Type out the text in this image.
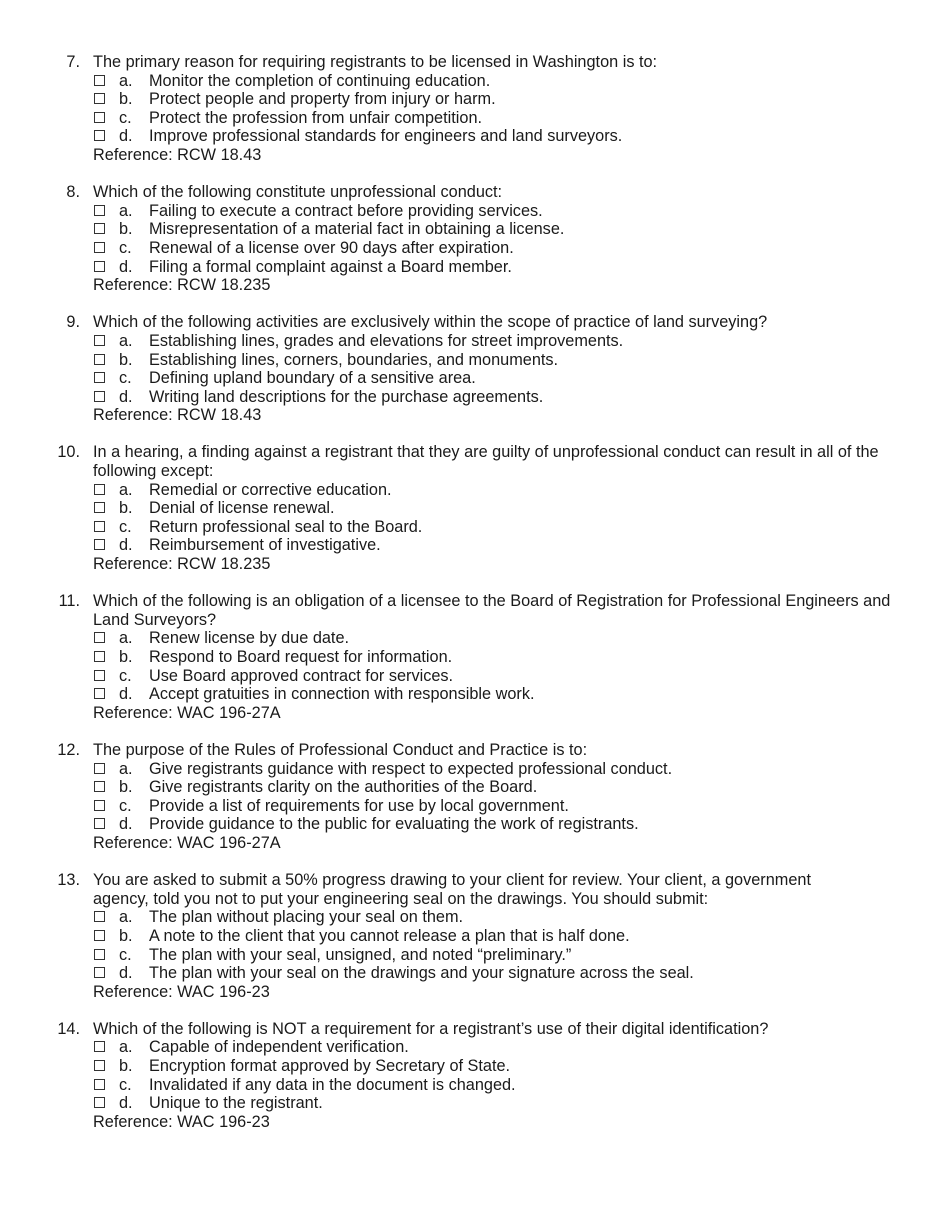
7. The primary reason for requiring registrants to be licensed in Washington is to:
a. Monitor the completion of continuing education.
b. Protect people and property from injury or harm.
c. Protect the profession from unfair competition.
d. Improve professional standards for engineers and land surveyors.
Reference: RCW 18.43
8. Which of the following constitute unprofessional conduct:
a. Failing to execute a contract before providing services.
b. Misrepresentation of a material fact in obtaining a license.
c. Renewal of a license over 90 days after expiration.
d. Filing a formal complaint against a Board member.
Reference: RCW 18.235
9. Which of the following activities are exclusively within the scope of practice of land surveying?
a. Establishing lines, grades and elevations for street improvements.
b. Establishing lines, corners, boundaries, and monuments.
c. Defining upland boundary of a sensitive area.
d. Writing land descriptions for the purchase agreements.
Reference: RCW 18.43
10. In a hearing, a finding against a registrant that they are guilty of unprofessional conduct can result in all of the following except:
a. Remedial or corrective education.
b. Denial of license renewal.
c. Return professional seal to the Board.
d. Reimbursement of investigative.
Reference: RCW 18.235
11. Which of the following is an obligation of a licensee to the Board of Registration for Professional Engineers and Land Surveyors?
a. Renew license by due date.
b. Respond to Board request for information.
c. Use Board approved contract for services.
d. Accept gratuities in connection with responsible work.
Reference: WAC 196-27A
12. The purpose of the Rules of Professional Conduct and Practice is to:
a. Give registrants guidance with respect to expected professional conduct.
b. Give registrants clarity on the authorities of the Board.
c. Provide a list of requirements for use by local government.
d. Provide guidance to the public for evaluating the work of registrants.
Reference: WAC 196-27A
13. You are asked to submit a 50% progress drawing to your client for review. Your client, a government agency, told you not to put your engineering seal on the drawings. You should submit:
a. The plan without placing your seal on them.
b. A note to the client that you cannot release a plan that is half done.
c. The plan with your seal, unsigned, and noted “preliminary.”
d. The plan with your seal on the drawings and your signature across the seal.
Reference: WAC 196-23
14. Which of the following is NOT a requirement for a registrant’s use of their digital identification?
a. Capable of independent verification.
b. Encryption format approved by Secretary of State.
c. Invalidated if any data in the document is changed.
d. Unique to the registrant.
Reference: WAC 196-23
